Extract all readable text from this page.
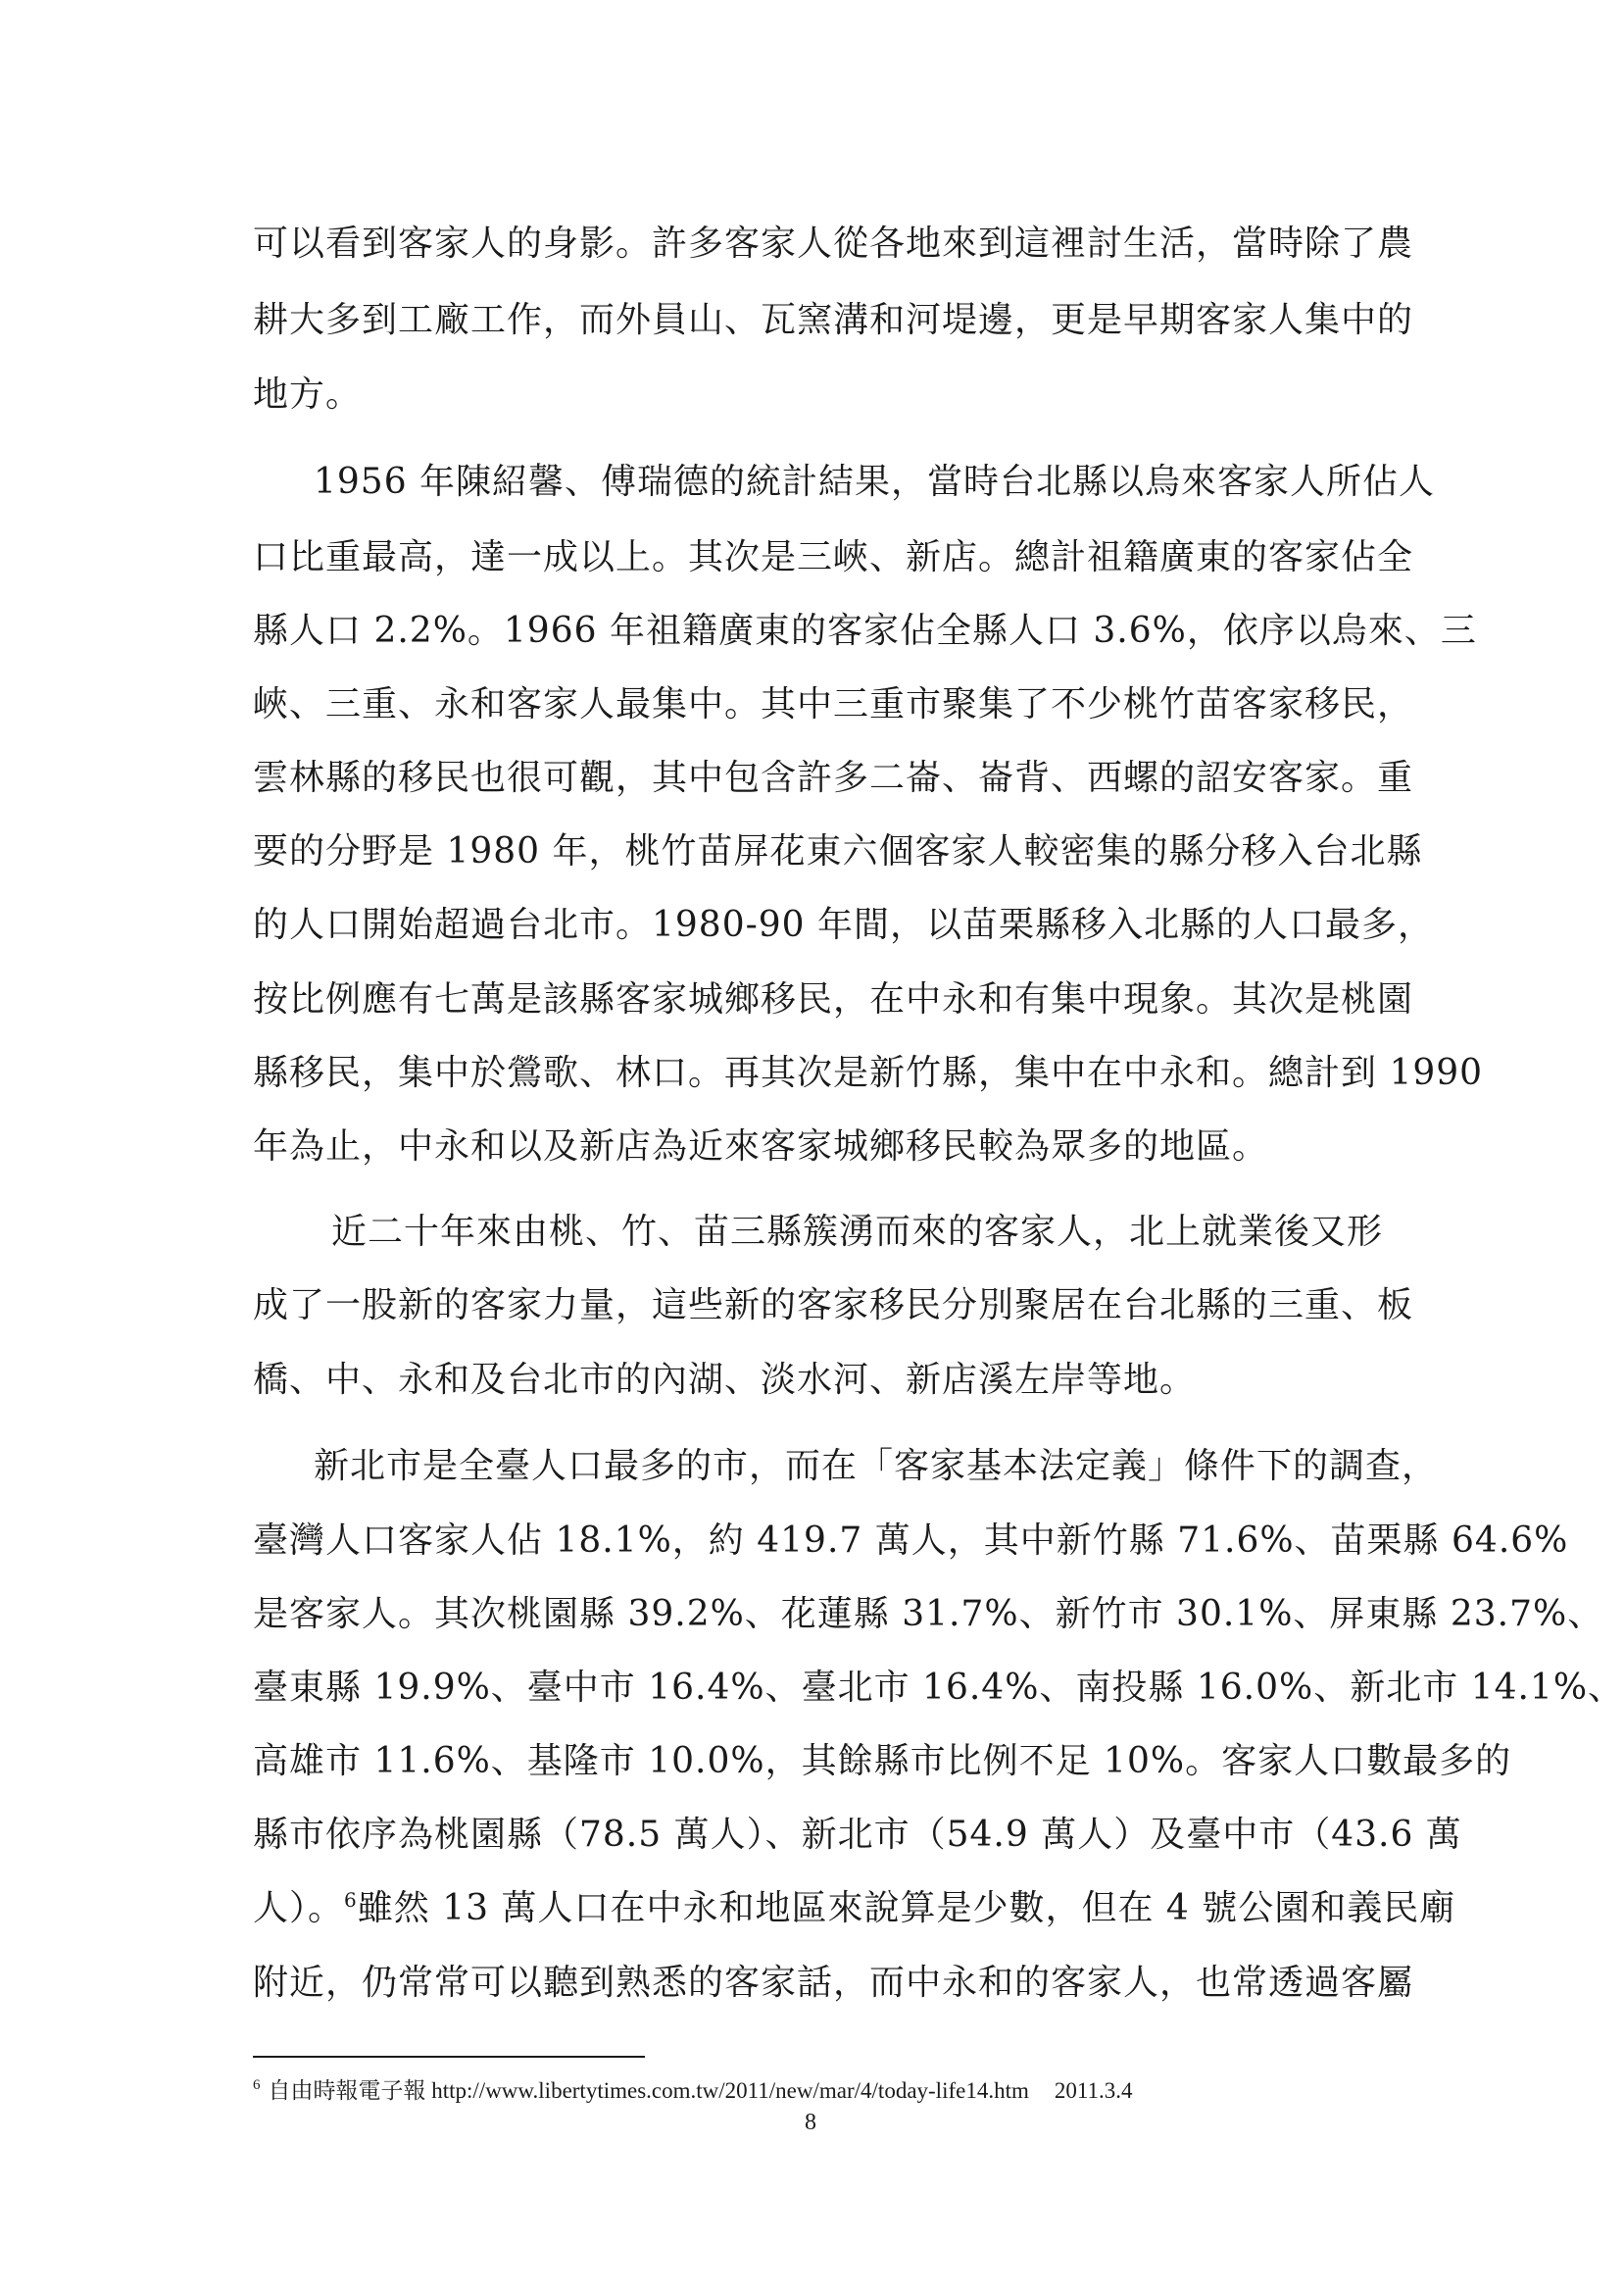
可以看到客家人的身影。許多客家人從各地來到這裡討生活，當時除了農
耕大多到工廠工作，而外員山、瓦窯溝和河堤邊，更是早期客家人集中的
地方。
1956 年陳紹馨、傅瑞德的統計結果，當時台北縣以烏來客家人所佔人
口比重最高，達一成以上。其次是三峽、新店。總計祖籍廣東的客家佔全
縣人口 2.2%。1966 年祖籍廣東的客家佔全縣人口 3.6%，依序以烏來、三
峽、三重、永和客家人最集中。其中三重市聚集了不少桃竹苗客家移民，
雲林縣的移民也很可觀，其中包含許多二崙、崙背、西螺的詔安客家。重
要的分野是 1980 年，桃竹苗屏花東六個客家人較密集的縣分移入台北縣
的人口開始超過台北市。1980-90 年間，以苗栗縣移入北縣的人口最多，
按比例應有七萬是該縣客家城鄉移民，在中永和有集中現象。其次是桃園
縣移民，集中於鶯歌、林口。再其次是新竹縣，集中在中永和。總計到 1990
年為止，中永和以及新店為近來客家城鄉移民較為眾多的地區。
近二十年來由桃、竹、苗三縣簇湧而來的客家人，北上就業後又形
成了一股新的客家力量，這些新的客家移民分別聚居在台北縣的三重、板
橋、中、永和及台北市的內湖、淡水河、新店溪左岸等地。
新北市是全臺人口最多的市，而在「客家基本法定義」條件下的調查，
臺灣人口客家人佔 18.1%，約 419.7 萬人，其中新竹縣 71.6%、苗栗縣 64.6%
是客家人。其次桃園縣 39.2%、花蓮縣 31.7%、新竹市 30.1%、屏東縣 23.7%、
臺東縣 19.9%、臺中市 16.4%、臺北市 16.4%、南投縣 16.0%、新北市 14.1%、
高雄市 11.6%、基隆市 10.0%，其餘縣市比例不足 10%。客家人口數最多的
縣市依序為桃園縣（78.5 萬人）、新北市（54.9 萬人）及臺中市（43.6 萬
人）。$^6$雖然 13 萬人口在中永和地區來說算是少數，但在 4 號公園和義民廟
附近，仍常常可以聽到熟悉的客家話，而中永和的客家人，也常透過客屬
$^6$ 自由時報電子報 http://www.libertytimes.com.tw/2011/new/mar/4/today-life14.htm 2011.3.4
8
